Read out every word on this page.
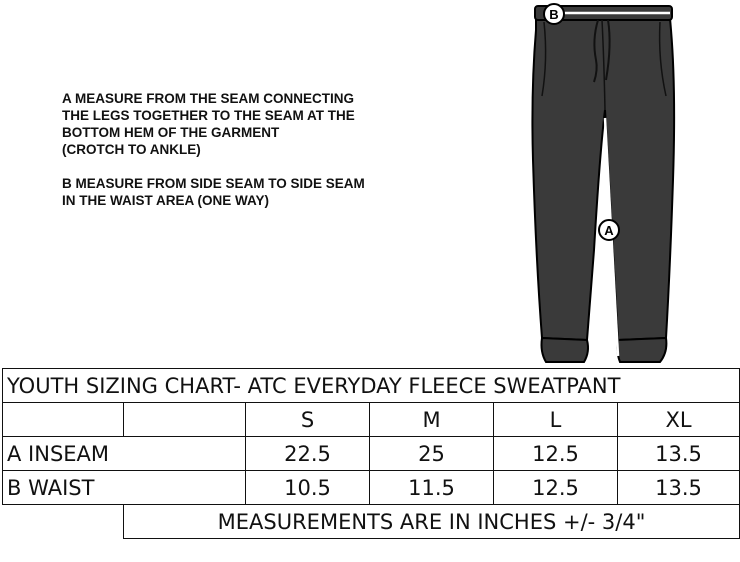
A MEASURE FROM THE SEAM CONNECTING
THE LEGS TOGETHER TO THE SEAM AT THE
BOTTOM HEM OF THE GARMENT
(CROTCH TO ANKLE)
B MEASURE FROM SIDE SEAM TO SIDE SEAM
IN THE WAIST AREA (ONE WAY)
A
B
YOUTH SIZING CHART- ATC EVERYDAY FLEECE SWEATPANT					
		S	M	L	XL
A INSEAM		22.5	25	12.5	13.5
B WAIST		10.5	11.5	12.5	13.5
	MEASUREMENTS ARE IN INCHES +/- 3/4"				
